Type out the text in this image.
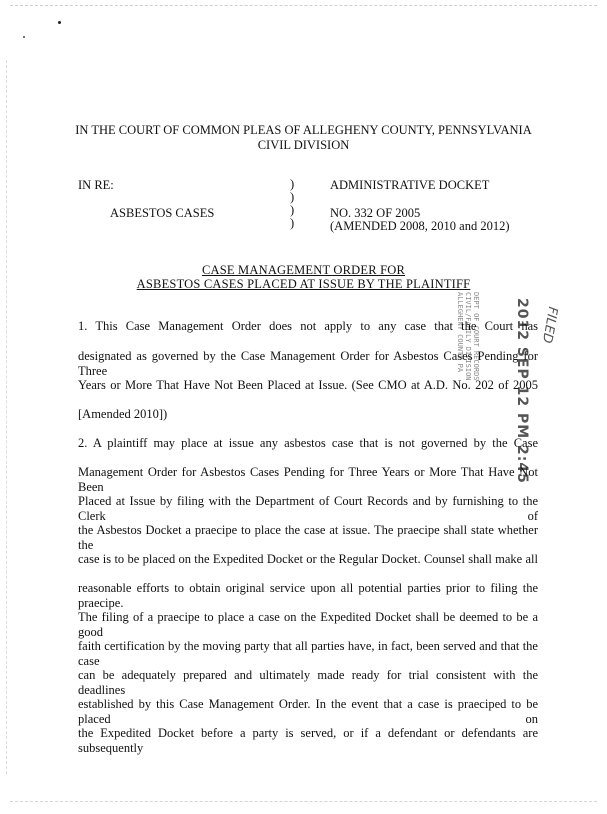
IN THE COURT OF COMMON PLEAS OF ALLEGHENY COUNTY, PENNSYLVANIA
CIVIL DIVISION
IN RE:
ASBESTOS CASES
)
)
)
)
ADMINISTRATIVE DOCKET
NO. 332 OF 2005
(AMENDED 2008, 2010 and 2012)
CASE MANAGEMENT ORDER FOR
ASBESTOS CASES PLACED AT ISSUE BY THE PLAINTIFF
DEPT OF COURT RECORDS
CIVIL/FAMILY DIVISION
ALLEGHENY COUNTY PA	2012 SEP 12 PM 2:45 FILED
1. This Case Management Order does not apply to any case that the Court has
designated as governed by the Case Management Order for Asbestos Cases Pending for Three
Years or More That Have Not Been Placed at Issue. (See CMO at A.D. No. 202 of 2005
[Amended 2010])
2. A plaintiff may place at issue any asbestos case that is not governed by the Case
Management Order for Asbestos Cases Pending for Three Years or More That Have Not Been
Placed at Issue by filing with the Department of Court Records and by furnishing to the Clerk of
the Asbestos Docket a praecipe to place the case at issue. The praecipe shall state whether the
case is to be placed on the Expedited Docket or the Regular Docket. Counsel shall make all
reasonable efforts to obtain original service upon all potential parties prior to filing the praecipe.
The filing of a praecipe to place a case on the Expedited Docket shall be deemed to be a good
faith certification by the moving party that all parties have, in fact, been served and that the case
can be adequately prepared and ultimately made ready for trial consistent with the deadlines
established by this Case Management Order. In the event that a case is praeciped to be placed on
the Expedited Docket before a party is served, or if a defendant or defendants are subsequently
